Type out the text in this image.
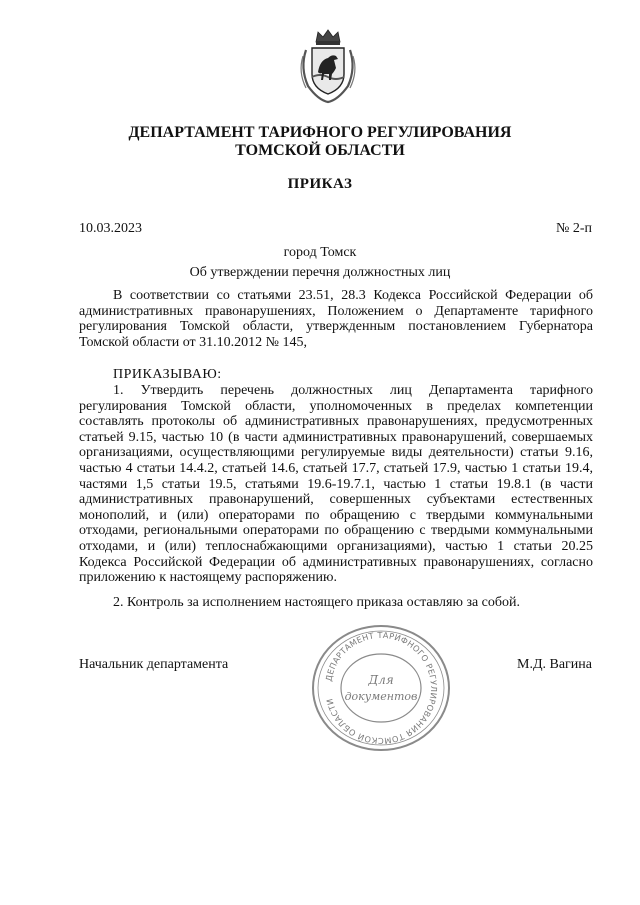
ДЕПАРТАМЕНТ ТАРИФНОГО РЕГУЛИРОВАНИЯ
ТОМСКОЙ ОБЛАСТИ
ПРИКАЗ
10.03.2023	№ 2-п
город Томск
Об утверждении перечня должностных лиц

В соответствии со статьями 23.51, 28.3 Кодекса Российской Федерации об административных правонарушениях, Положением о Департаменте тарифного регулирования Томской области, утвержденным постановлением Губернатора Томской области от 31.10.2012 № 145,

ПРИКАЗЫВАЮ:

1. Утвердить перечень должностных лиц Департамента тарифного регулирования Томской области, уполномоченных в пределах компетенции составлять протоколы об административных правонарушениях, предусмотренных статьей 9.15, частью 10 (в части административных правонарушений, совершаемых организациями, осуществляющими регулируемые виды деятельности) статьи 9.16, частью 4 статьи 14.4.2, статьей 14.6, статьей 17.7, статьей 17.9, частью 1 статьи 19.4, частями 1,5 статьи 19.5, статьями 19.6-19.7.1, частью 1 статьи 19.8.1 (в части административных правонарушений, совершенных субъектами естественных монополий, и (или) операторами по обращению с твердыми коммунальными отходами, региональными операторами по обращению с твердыми коммунальными отходами, и (или) теплоснабжающими организациями), частью 1 статьи 20.25 Кодекса Российской Федерации об административных правонарушениях, согласно приложению к настоящему распоряжению.

2. Контроль за исполнением настоящего приказа оставляю за собой.
Начальник департамента	М.Д. Вагина
ДЕПАРТАМЕНТ ТАРИФНОГО РЕГУЛИРОВАНИЯ ТОМСКОЙ ОБЛАСТИ
Для
документов
